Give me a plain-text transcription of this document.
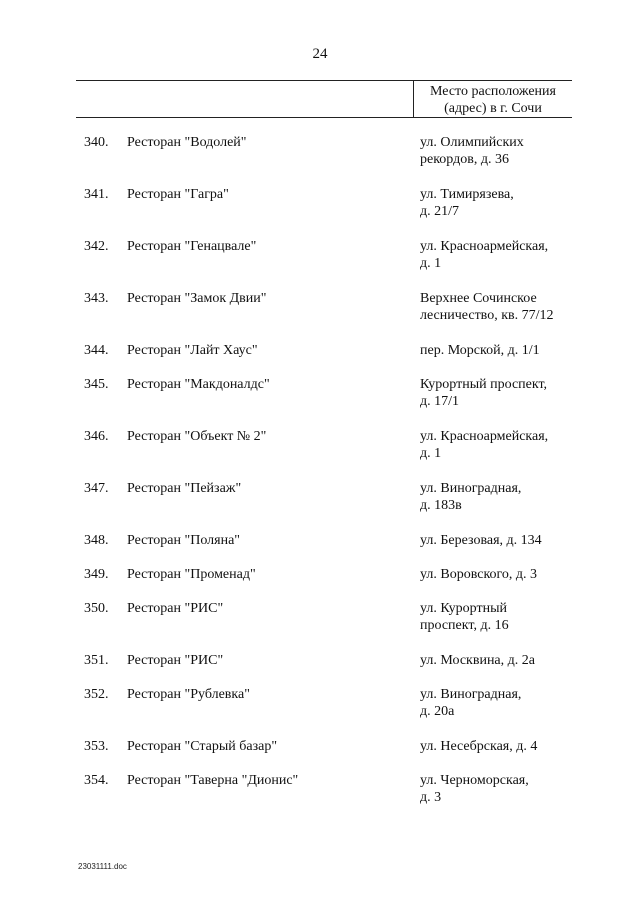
24
Место расположения
(адрес) в г. Сочи
340. Ресторан "Водолей"	ул. Олимпийских
рекордов, д. 36
341. Ресторан "Гагра"	ул. Тимирязева,
д. 21/7
342. Ресторан "Генацвале"	ул. Красноармейская,
д. 1
343. Ресторан "Замок Двии"	Верхнее Сочинское
лесничество, кв. 77/12
344. Ресторан "Лайт Хаус"	пер. Морской, д. 1/1
345. Ресторан "Макдоналдс"	Курортный проспект,
д. 17/1
346. Ресторан "Объект № 2"	ул. Красноармейская,
д. 1
347. Ресторан "Пейзаж"	ул. Виноградная,
д. 183в
348. Ресторан "Поляна"	ул. Березовая, д. 134
349. Ресторан "Променад"	ул. Воровского, д. 3
350. Ресторан "РИС"	ул. Курортный
проспект, д. 16
351. Ресторан "РИС"	ул. Москвина, д. 2а
352. Ресторан "Рублевка"	ул. Виноградная,
д. 20а
353. Ресторан "Старый базар"	ул. Несебрская, д. 4
354. Ресторан "Таверна "Дионис"	ул. Черноморская,
д. 3
23031111.doc
